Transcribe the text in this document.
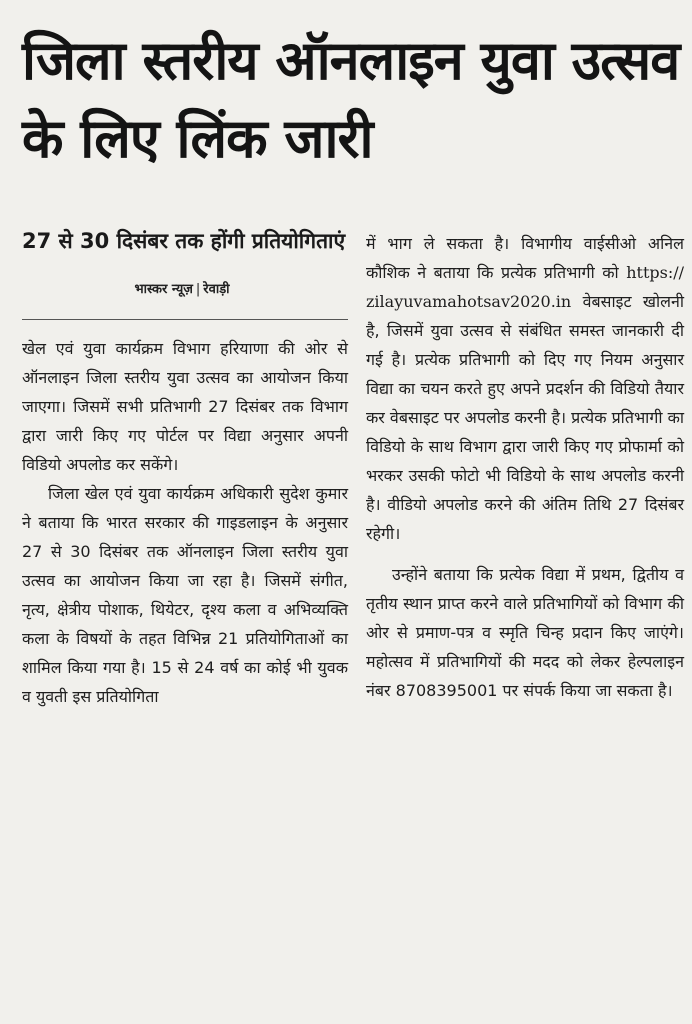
जिला स्तरीय ऑनलाइन युवा उत्सव के लिए लिंक जारी
27 से 30 दिसंबर तक होंगी प्रतियोगिताएं
भास्कर न्यूज़ | रेवाड़ी

खेल एवं युवा कार्यक्रम विभाग हरियाणा की ओर से ऑनलाइन जिला स्तरीय युवा उत्सव का आयोजन किया जाएगा। जिसमें सभी प्रतिभागी 27 दिसंबर तक विभाग द्वारा जारी किए गए पोर्टल पर विद्या अनुसार अपनी विडियो अपलोड कर सकेंगे।

जिला खेल एवं युवा कार्यक्रम अधिकारी सुदेश कुमार ने बताया कि भारत सरकार की गाइडलाइन के अनुसार 27 से 30 दिसंबर तक ऑनलाइन जिला स्तरीय युवा उत्सव का आयोजन किया जा रहा है। जिसमें संगीत, नृत्य, क्षेत्रीय पोशाक, थियेटर, दृश्य कला व अभिव्यक्ति कला के विषयों के तहत विभिन्न 21 प्रतियोगिताओं का शामिल किया गया है। 15 से 24 वर्ष का कोई भी युवक व युवती इस प्रतियोगिता

में भाग ले सकता है। विभागीय वाईसीओ अनिल कौशिक ने बताया कि प्रत्येक प्रतिभागी को https:// zilayuvamahotsav2020.in वेबसाइट खोलनी है, जिसमें युवा उत्सव से संबंधित समस्त जानकारी दी गई है। प्रत्येक प्रतिभागी को दिए गए नियम अनुसार विद्या का चयन करते हुए अपने प्रदर्शन की विडियो तैयार कर वेबसाइट पर अपलोड करनी है। प्रत्येक प्रतिभागी का विडियो के साथ विभाग द्वारा जारी किए गए प्रोफार्मा को भरकर उसकी फोटो भी विडियो के साथ अपलोड करनी है। वीडियो अपलोड करने की अंतिम तिथि 27 दिसंबर रहेगी।

उन्होंने बताया कि प्रत्येक विद्या में प्रथम, द्वितीय व तृतीय स्थान प्राप्त करने वाले प्रतिभागियों को विभाग की ओर से प्रमाण-पत्र व स्मृति चिन्ह प्रदान किए जाएंगे। महोत्सव में प्रतिभागियों की मदद को लेकर हेल्पलाइन नंबर 8708395001 पर संपर्क किया जा सकता है।
